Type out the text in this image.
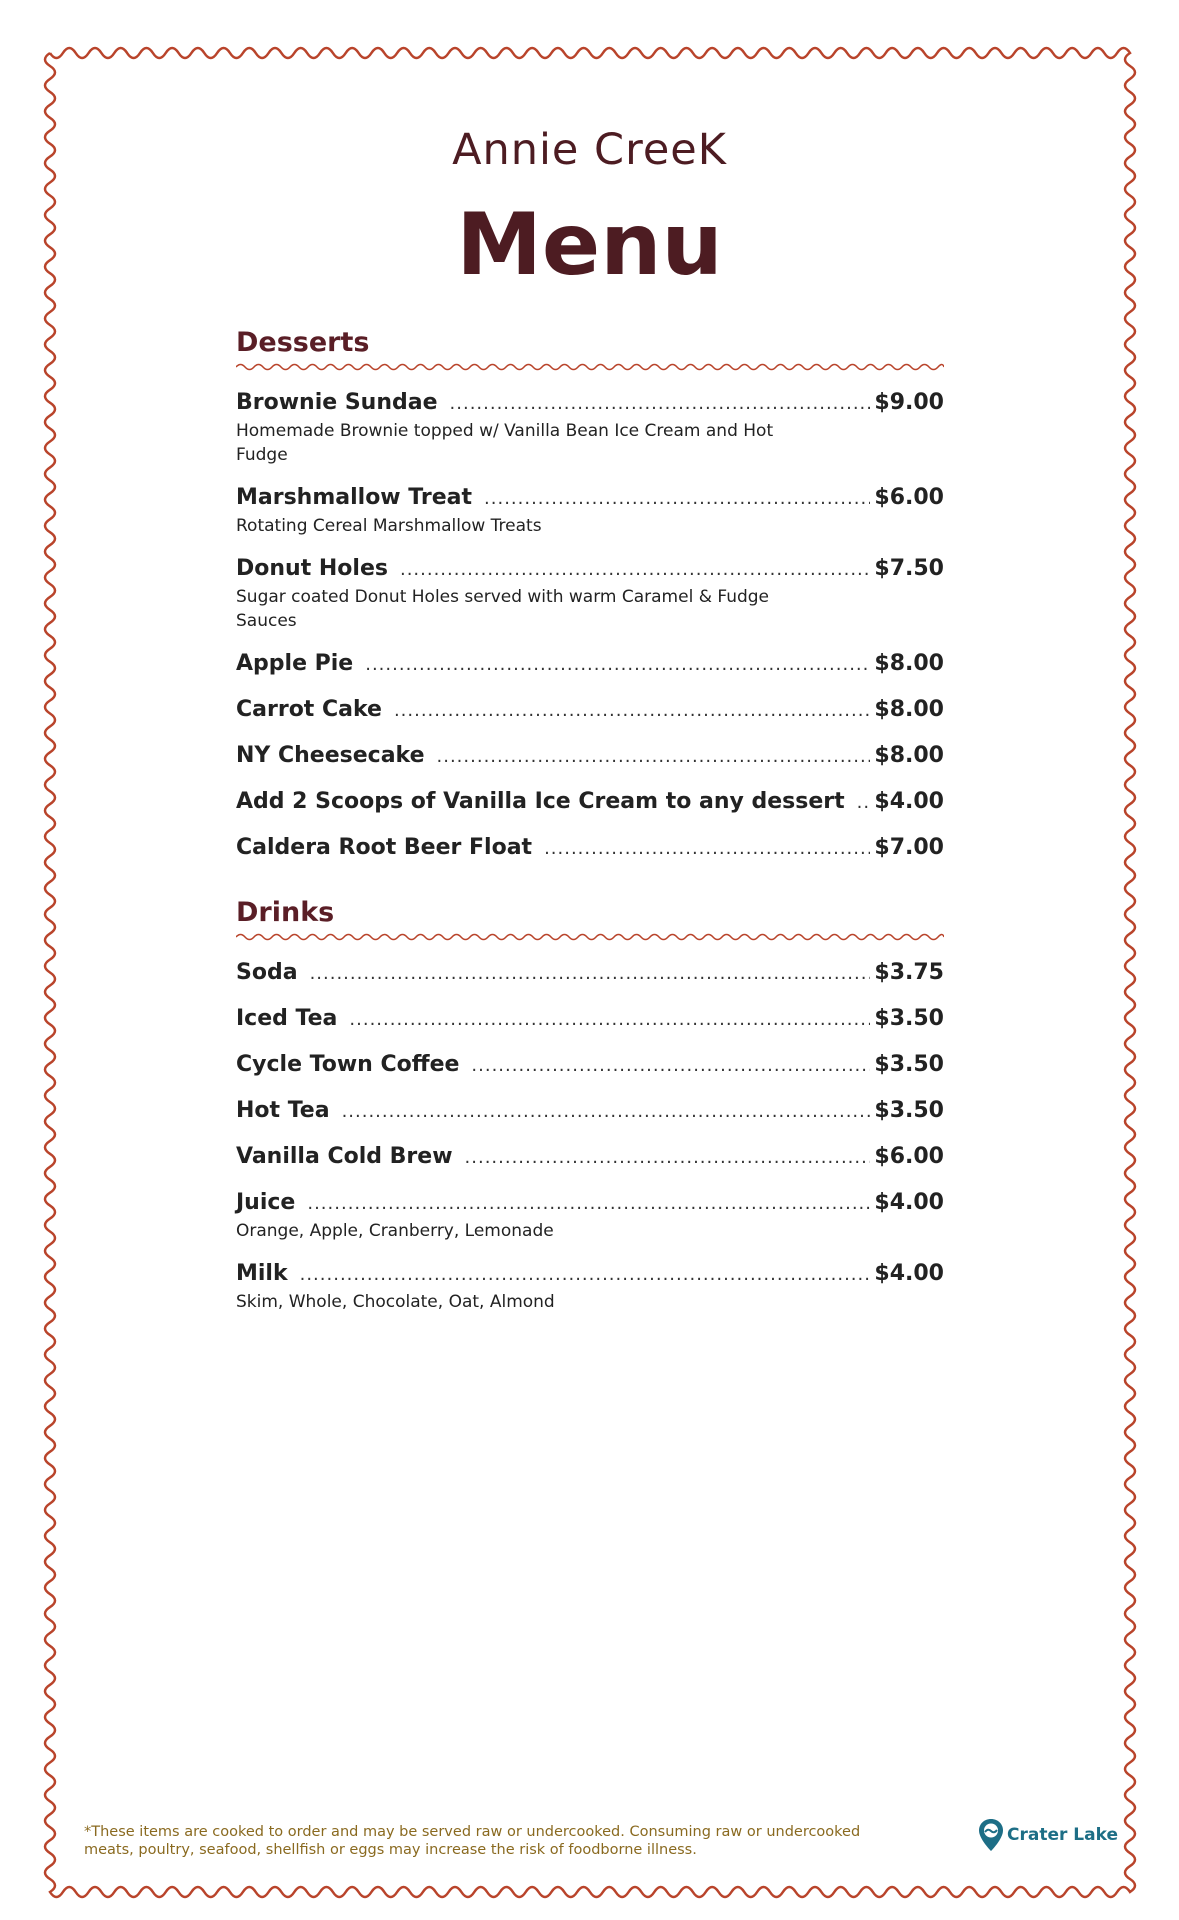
Annie CreeK
Menu
Desserts
Brownie Sundae .....	$9.00
Homemade Brownie topped w/ Vanilla Bean Ice Cream and Hot Fudge
Marshmallow Treat .....	$6.00
Rotating Cereal Marshmallow Treats
Donut Holes .....	$7.50
Sugar coated Donut Holes served with warm Caramel & Fudge Sauces
Apple Pie .....	$8.00
Carrot Cake .....	$8.00
NY Cheesecake .....	$8.00
Add 2 Scoops of Vanilla Ice Cream to any dessert ..... $4.00
Caldera Root Beer Float .....	$7.00
Drinks
Soda .....	$3.75
Iced Tea .....	$3.50
Cycle Town Coffee .....	$3.50
Hot Tea .....	$3.50
Vanilla Cold Brew .....	$6.00
Juice .....	$4.00
Orange, Apple, Cranberry, Lemonade
Milk .....	$4.00
Skim, Whole, Chocolate, Oat, Almond
*These items are cooked to order and may be served raw or undercooked. Consuming raw or undercooked meats, poultry, seafood, shellfish or eggs may increase the risk of foodborne illness.
Crater Lake
